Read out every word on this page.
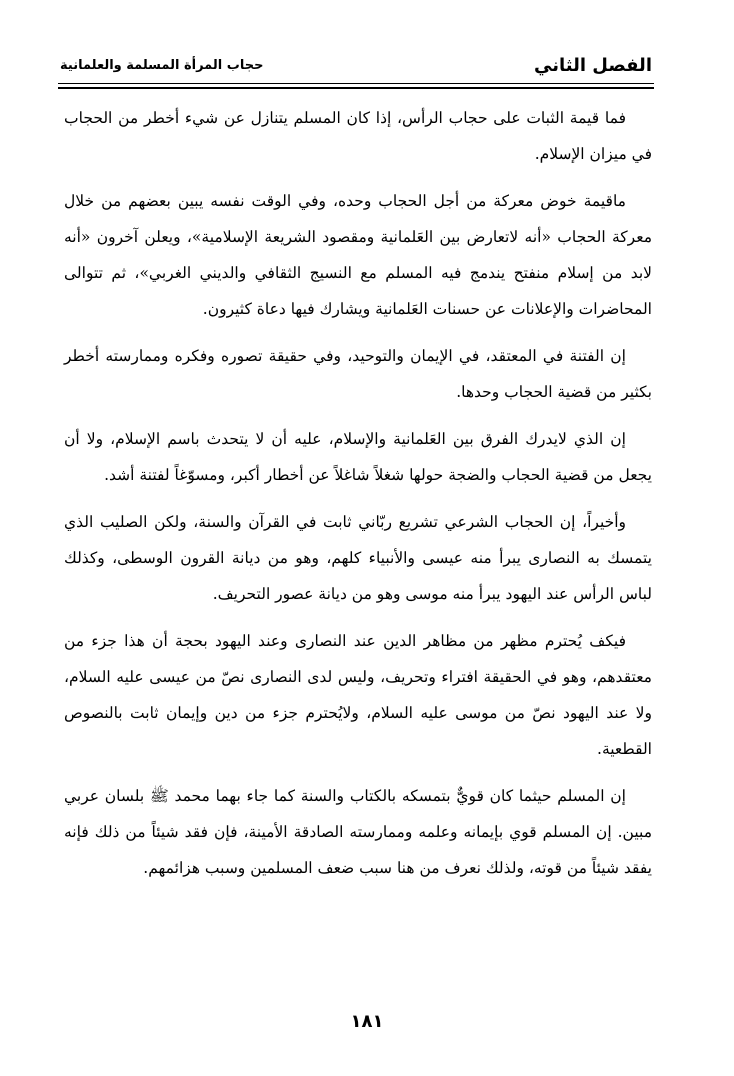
الفصل الثاني
حجاب المرأة المسلمة والعلمانية

فما قيمة الثبات على حجاب الرأس، إذا كان المسلم يتنازل عن شيء أخطر من الحجاب في ميزان الإسلام.

ماقيمة خوض معركة من أجل الحجاب وحده، وفي الوقت نفسه يبين بعضهم من خلال معركة الحجاب «أنه لاتعارض بين العَلمانية ومقصود الشريعة الإسلامية»، ويعلن آخرون «أنه لابد من إسلام منفتح يندمج فيه المسلم مع النسيج الثقافي والديني الغربي»، ثم تتوالى المحاضرات والإعلانات عن حسنات العَلمانية ويشارك فيها دعاة كثيرون.

إن الفتنة في المعتقد، في الإيمان والتوحيد، وفي حقيقة تصوره وفكره وممارسته أخطر بكثير من قضية الحجاب وحدها.

إن الذي لايدرك الفرق بين العَلمانية والإسلام، عليه أن لا يتحدث باسم الإسلام، ولا أن يجعل من قضية الحجاب والضجة حولها شغلاً شاغلاً عن أخطار أكبر، ومسوّغاً لفتنة أشد.

وأخيراً، إن الحجاب الشرعي تشريع ربّاني ثابت في القرآن والسنة، ولكن الصليب الذي يتمسك به النصارى يبرأ منه عيسى والأنبياء كلهم، وهو من ديانة القرون الوسطى، وكذلك لباس الرأس عند اليهود يبرأ منه موسى وهو من ديانة عصور التحريف.

فيكف يُحترم مظهر من مظاهر الدين عند النصارى وعند اليهود بحجة أن هذا جزء من معتقدهم، وهو في الحقيقة افتراء وتحريف، وليس لدى النصارى نصّ من عيسى عليه السلام، ولا عند اليهود نصّ من موسى عليه السلام، ولايُحترم جزء من دين وإيمان ثابت بالنصوص القطعية.

إن المسلم حيثما كان قويٌّ بتمسكه بالكتاب والسنة كما جاء بهما محمد ﷺ بلسان عربي مبين. إن المسلم قوي بإيمانه وعلمه وممارسته الصادقة الأمينة، فإن فقد شيئاً من ذلك فإنه يفقد شيئاً من قوته، ولذلك نعرف من هنا سبب ضعف المسلمين وسبب هزائمهم.

١٨١
